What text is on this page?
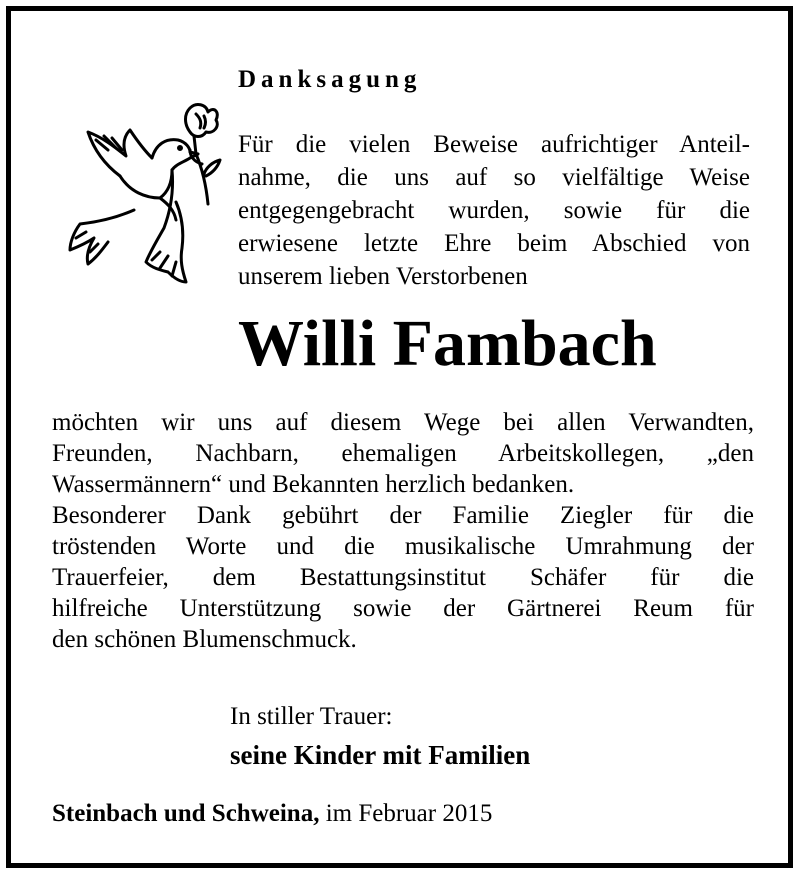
Danksagung
Für die vielen Beweise aufrichtiger Anteil-
nahme, die uns auf so vielfältige Weise
entgegengebracht wurden, sowie für die
erwiesene letzte Ehre beim Abschied von
unserem lieben Verstorbenen
Willi Fambach
möchten wir uns auf diesem Wege bei allen Verwandten,
Freunden, Nachbarn, ehemaligen Arbeitskollegen, „den
Wassermännern“ und Bekannten herzlich bedanken.
Besonderer Dank gebührt der Familie Ziegler für die
tröstenden Worte und die musikalische Umrahmung der
Trauerfeier, dem Bestattungsinstitut Schäfer für die
hilfreiche Unterstützung sowie der Gärtnerei Reum für
den schönen Blumenschmuck.
In stiller Trauer:
seine Kinder mit Familien
Steinbach und Schweina, im Februar 2015
